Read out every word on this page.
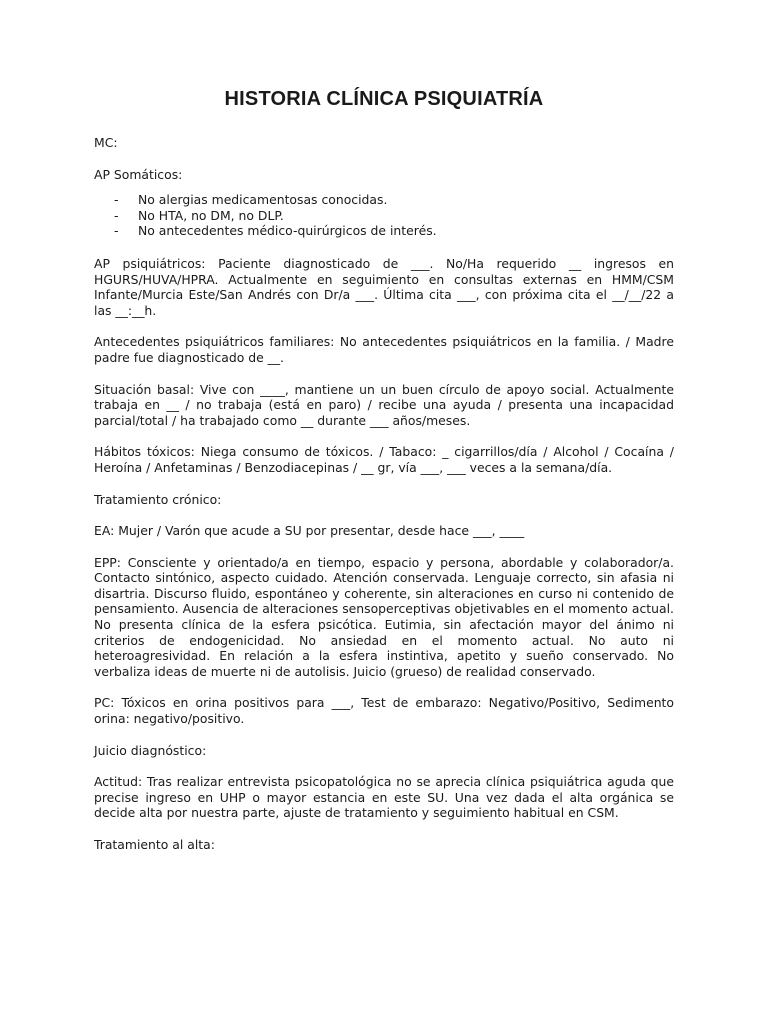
HISTORIA CLÍNICA PSIQUIATRÍA

MC:

AP Somáticos:

- No alergias medicamentosas conocidas.
- No HTA, no DM, no DLP.
- No antecedentes médico-quirúrgicos de interés.

AP psiquiátricos: Paciente diagnosticado de ___. No/Ha requerido __ ingresos en HGURS/HUVA/HPRA. Actualmente en seguimiento en consultas externas en HMM/CSM Infante/Murcia Este/San Andrés con Dr/a ___. Última cita ___, con próxima cita el __/__/22 a las __:__h.

Antecedentes psiquiátricos familiares: No antecedentes psiquiátricos en la familia. / Madre padre fue diagnosticado de __.

Situación basal: Vive con ____, mantiene un un buen círculo de apoyo social. Actualmente trabaja en __ / no trabaja (está en paro) / recibe una ayuda / presenta una incapacidad parcial/total / ha trabajado como __ durante ___ años/meses.

Hábitos tóxicos: Niega consumo de tóxicos. / Tabaco: _ cigarrillos/día / Alcohol / Cocaína / Heroína / Anfetaminas / Benzodiacepinas / __ gr, vía ___, ___ veces a la semana/día.

Tratamiento crónico:

EA: Mujer / Varón que acude a SU por presentar, desde hace ___, ____

EPP: Consciente y orientado/a en tiempo, espacio y persona, abordable y colaborador/a. Contacto sintónico, aspecto cuidado. Atención conservada. Lenguaje correcto, sin afasia ni disartria. Discurso fluido, espontáneo y coherente, sin alteraciones en curso ni contenido de pensamiento. Ausencia de alteraciones sensoperceptivas objetivables en el momento actual. No presenta clínica de la esfera psicótica. Eutimia, sin afectación mayor del ánimo ni criterios de endogenicidad. No ansiedad en el momento actual. No auto ni heteroagresividad. En relación a la esfera instintiva, apetito y sueño conservado. No verbaliza ideas de muerte ni de autolisis. Juicio (grueso) de realidad conservado.

PC: Tóxicos en orina positivos para ___, Test de embarazo: Negativo/Positivo, Sedimento orina: negativo/positivo.

Juicio diagnóstico:

Actitud: Tras realizar entrevista psicopatológica no se aprecia clínica psiquiátrica aguda que precise ingreso en UHP o mayor estancia en este SU. Una vez dada el alta orgánica se decide alta por nuestra parte, ajuste de tratamiento y seguimiento habitual en CSM.

Tratamiento al alta:
